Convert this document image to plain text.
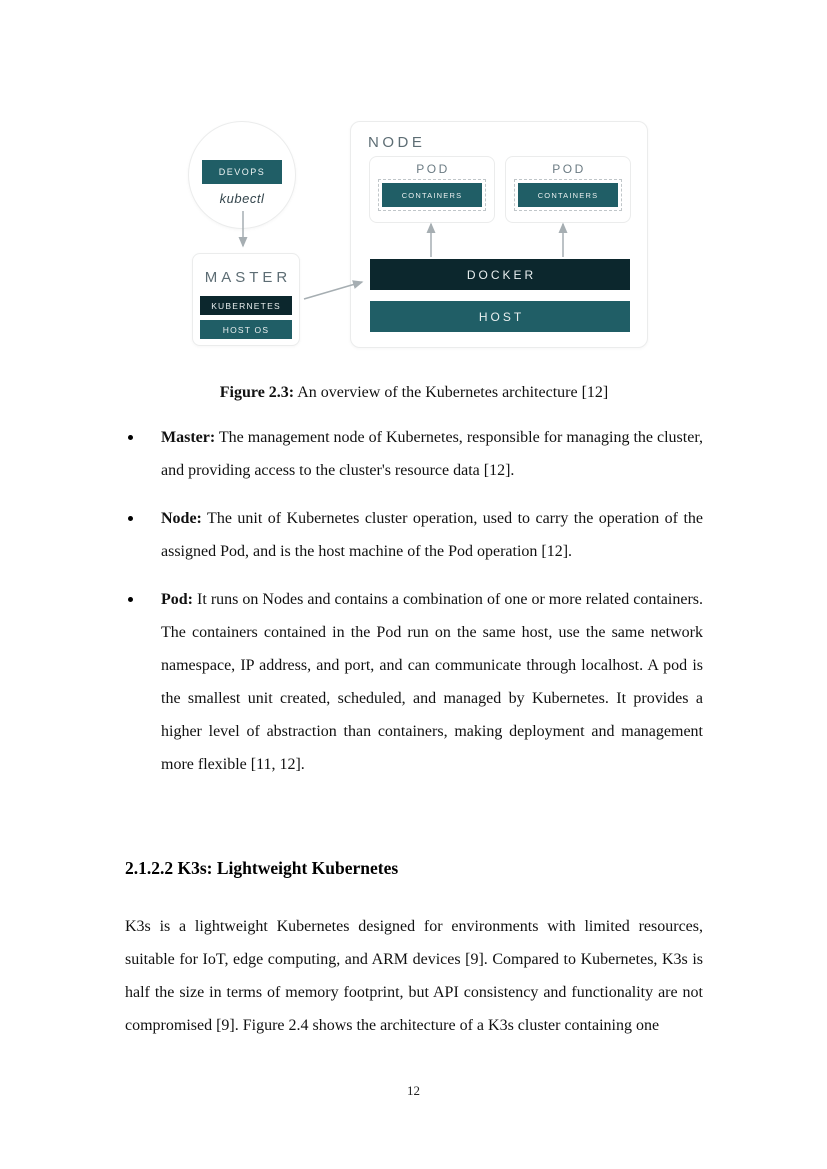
DEVOPS
kubectl
MASTER
KUBERNETES
HOST OS
NODE
POD
CONTAINERS
POD
CONTAINERS
DOCKER
HOST
Figure 2.3: An overview of the Kubernetes architecture [12]
Master: The management node of Kubernetes, responsible for managing the cluster, and providing access to the cluster's resource data [12].
Node: The unit of Kubernetes cluster operation, used to carry the operation of the assigned Pod, and is the host machine of the Pod operation [12].
Pod: It runs on Nodes and contains a combination of one or more related containers. The containers contained in the Pod run on the same host, use the same network namespace, IP address, and port, and can communicate through localhost. A pod is the smallest unit created, scheduled, and managed by Kubernetes. It provides a higher level of abstraction than containers, making deployment and management more flexible [11, 12].
2.1.2.2 K3s: Lightweight Kubernetes
K3s is a lightweight Kubernetes designed for environments with limited resources, suitable for IoT, edge computing, and ARM devices [9]. Compared to Kubernetes, K3s is half the size in terms of memory footprint, but API consistency and functionality are not compromised [9]. Figure 2.4 shows the architecture of a K3s cluster containing one
12
